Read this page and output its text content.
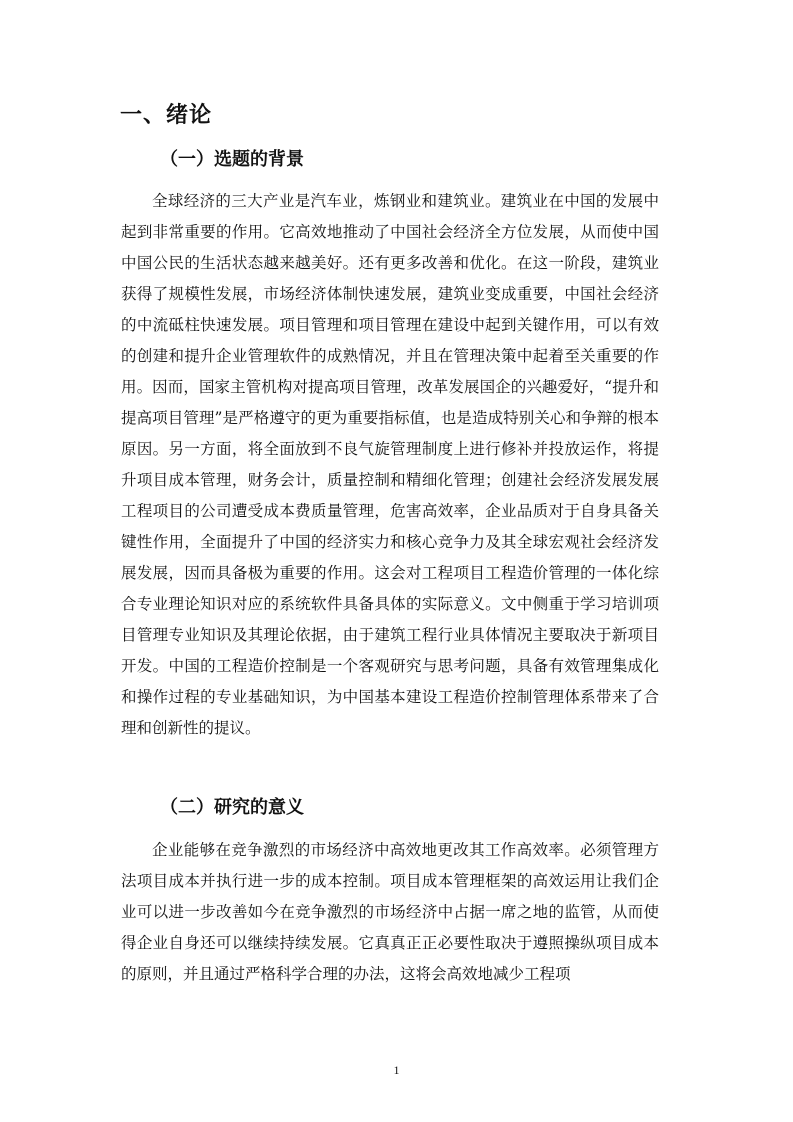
一、绪论
（一）选题的背景

全球经济的三大产业是汽车业，炼钢业和建筑业。建筑业在中国的发展中起到非常重要的作用。它高效地推动了中国社会经济全方位发展，从而使中国中国公民的生活状态越来越美好。还有更多改善和优化。在这一阶段，建筑业获得了规模性发展，市场经济体制快速发展，建筑业变成重要，中国社会经济的中流砥柱快速发展。项目管理和项目管理在建设中起到关键作用，可以有效的创建和提升企业管理软件的成熟情况，并且在管理决策中起着至关重要的作用。因而，国家主管机构对提高项目管理，改革发展国企的兴趣爱好，“提升和提高项目管理”是严格遵守的更为重要指标值，也是造成特别关心和争辩的根本原因。另一方面，将全面放到不良气旋管理制度上进行修补并投放运作，将提升项目成本管理，财务会计，质量控制和精细化管理；创建社会经济发展发展工程项目的公司遭受成本费质量管理，危害高效率，企业品质对于自身具备关键性作用，全面提升了中国的经济实力和核心竞争力及其全球宏观社会经济发展发展，因而具备极为重要的作用。这会对工程项目工程造价管理的一体化综合专业理论知识对应的系统软件具备具体的实际意义。文中侧重于学习培训项目管理专业知识及其理论依据，由于建筑工程行业具体情况主要取决于新项目开发。中国的工程造价控制是一个客观研究与思考问题，具备有效管理集成化和操作过程的专业基础知识，为中国基本建设工程造价控制管理体系带来了合理和创新性的提议。

（二）研究的意义

企业能够在竞争激烈的市场经济中高效地更改其工作高效率。必须管理方法项目成本并执行进一步的成本控制。项目成本管理框架的高效运用让我们企业可以进一步改善如今在竞争激烈的市场经济中占据一席之地的监管，从而使得企业自身还可以继续持续发展。它真真正正必要性取决于遵照操纵项目成本的原则，并且通过严格科学合理的办法，这将会高效地减少工程项

1
